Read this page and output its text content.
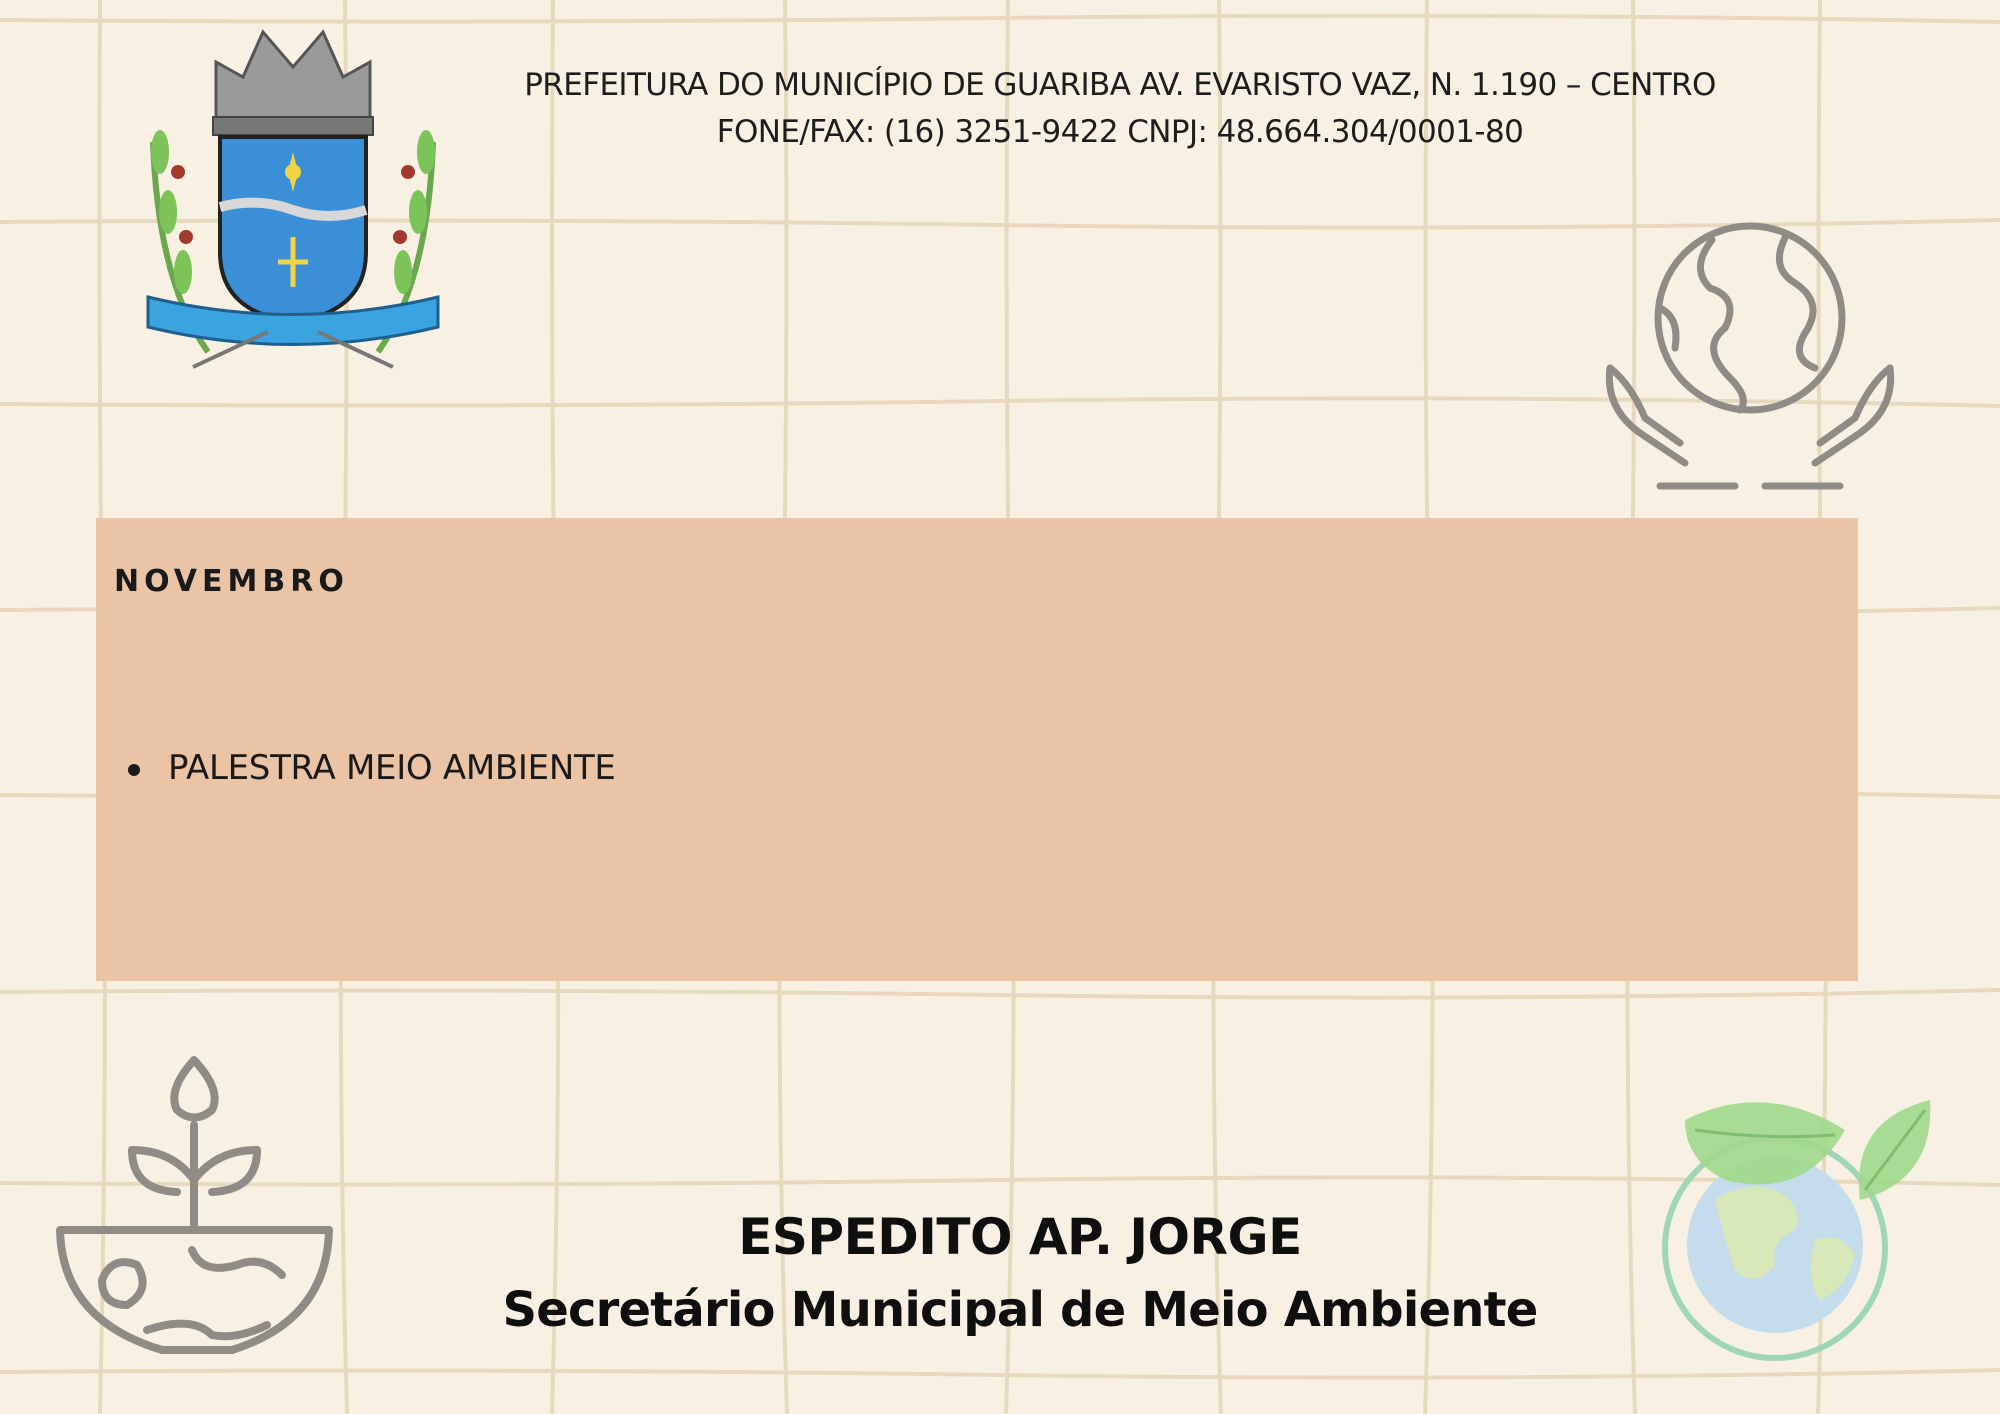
PREFEITURA DO MUNICÍPIO DE GUARIBA AV. EVARISTO VAZ, N. 1.190 – CENTRO
FONE/FAX: (16) 3251-9422 CNPJ: 48.664.304/0001-80
NOVEMBRO
PALESTRA MEIO AMBIENTE
ESPEDITO AP. JORGE
Secretário Municipal de Meio Ambiente
